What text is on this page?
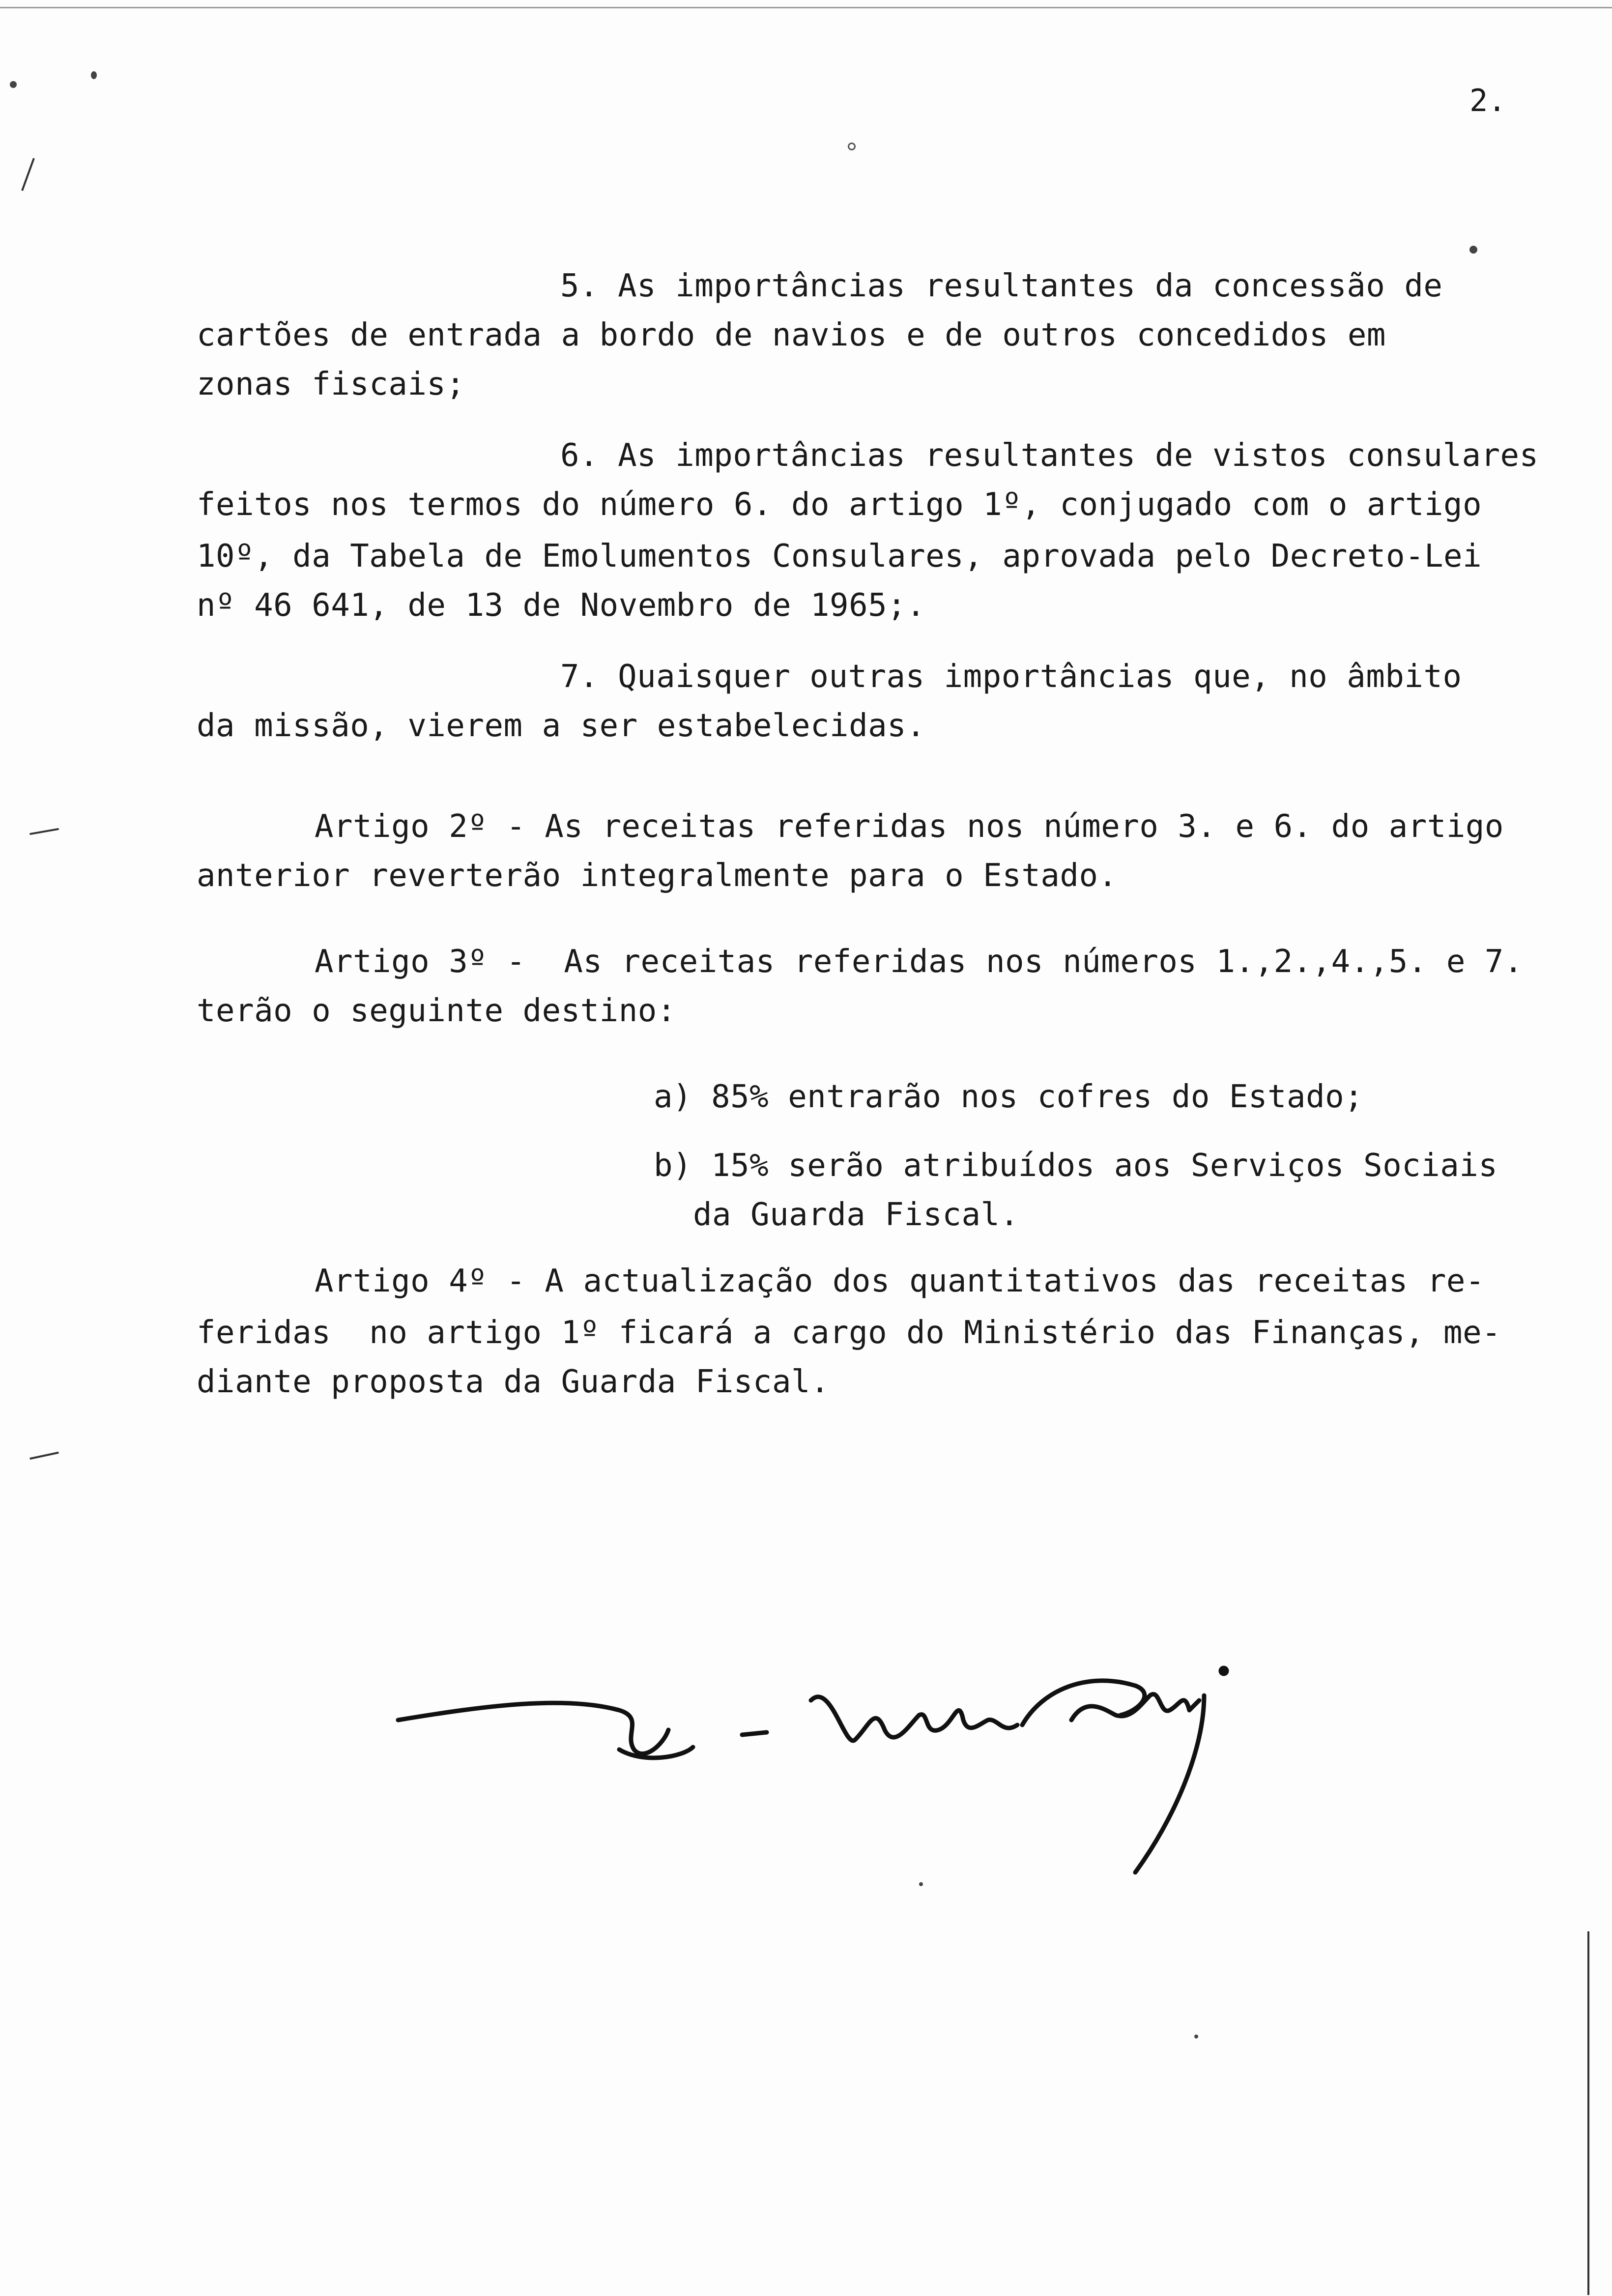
2.
5. As importâncias resultantes da concessão de
cartões de entrada a bordo de navios e de outros concedidos em
zonas fiscais;
6. As importâncias resultantes de vistos consulares
feitos nos termos do número 6. do artigo 1º, conjugado com o artigo
10º, da Tabela de Emolumentos Consulares, aprovada pelo Decreto-Lei
nº 46 641, de 13 de Novembro de 1965;.
7. Quaisquer outras importâncias que, no âmbito
da missão, vierem a ser estabelecidas.
Artigo 2º - As receitas referidas nos número 3. e 6. do artigo
anterior reverterão integralmente para o Estado.
Artigo 3º -  As receitas referidas nos números 1.,2.,4.,5. e 7.
terão o seguinte destino:
a) 85% entrarão nos cofres do Estado;
b) 15% serão atribuídos aos Serviços Sociais
da Guarda Fiscal.
Artigo 4º - A actualização dos quantitativos das receitas re-
feridas  no artigo 1º ficará a cargo do Ministério das Finanças, me-
diante proposta da Guarda Fiscal.
